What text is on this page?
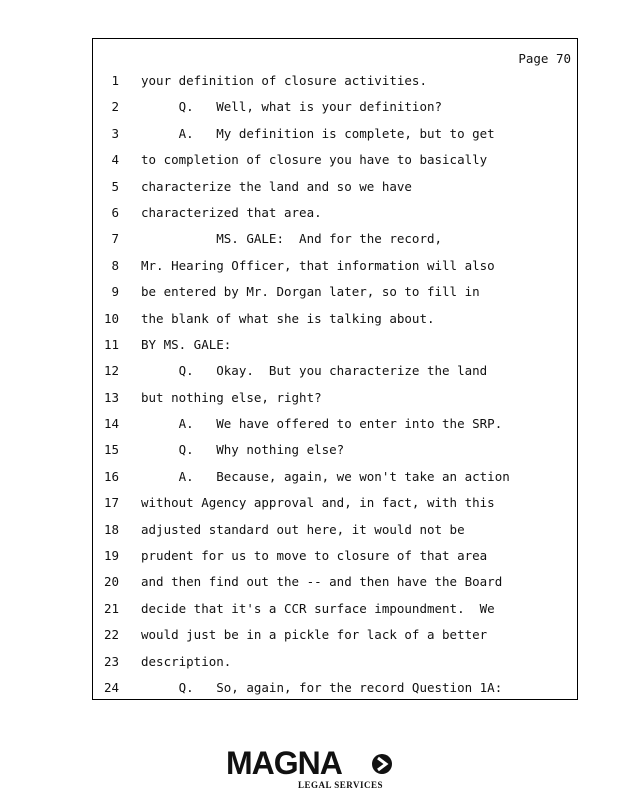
Page 70
1 your definition of closure activities.
2 Q.   Well, what is your definition?
3 A.   My definition is complete, but to get
4 to completion of closure you have to basically
5 characterize the land and so we have
6 characterized that area.
7 MS. GALE:  And for the record,
8 Mr. Hearing Officer, that information will also
9 be entered by Mr. Dorgan later, so to fill in
10 the blank of what she is talking about.
11 BY MS. GALE:
12 Q.   Okay.  But you characterize the land
13 but nothing else, right?
14 A.   We have offered to enter into the SRP.
15 Q.   Why nothing else?
16 A.   Because, again, we won't take an action
17 without Agency approval and, in fact, with this
18 adjusted standard out here, it would not be
19 prudent for us to move to closure of that area
20 and then find out the -- and then have the Board
21 decide that it's a CCR surface impoundment.  We
22 would just be in a pickle for lack of a better
23 description.
24 Q.   So, again, for the record Question 1A:
MAGNA
LEGAL SERVICES
